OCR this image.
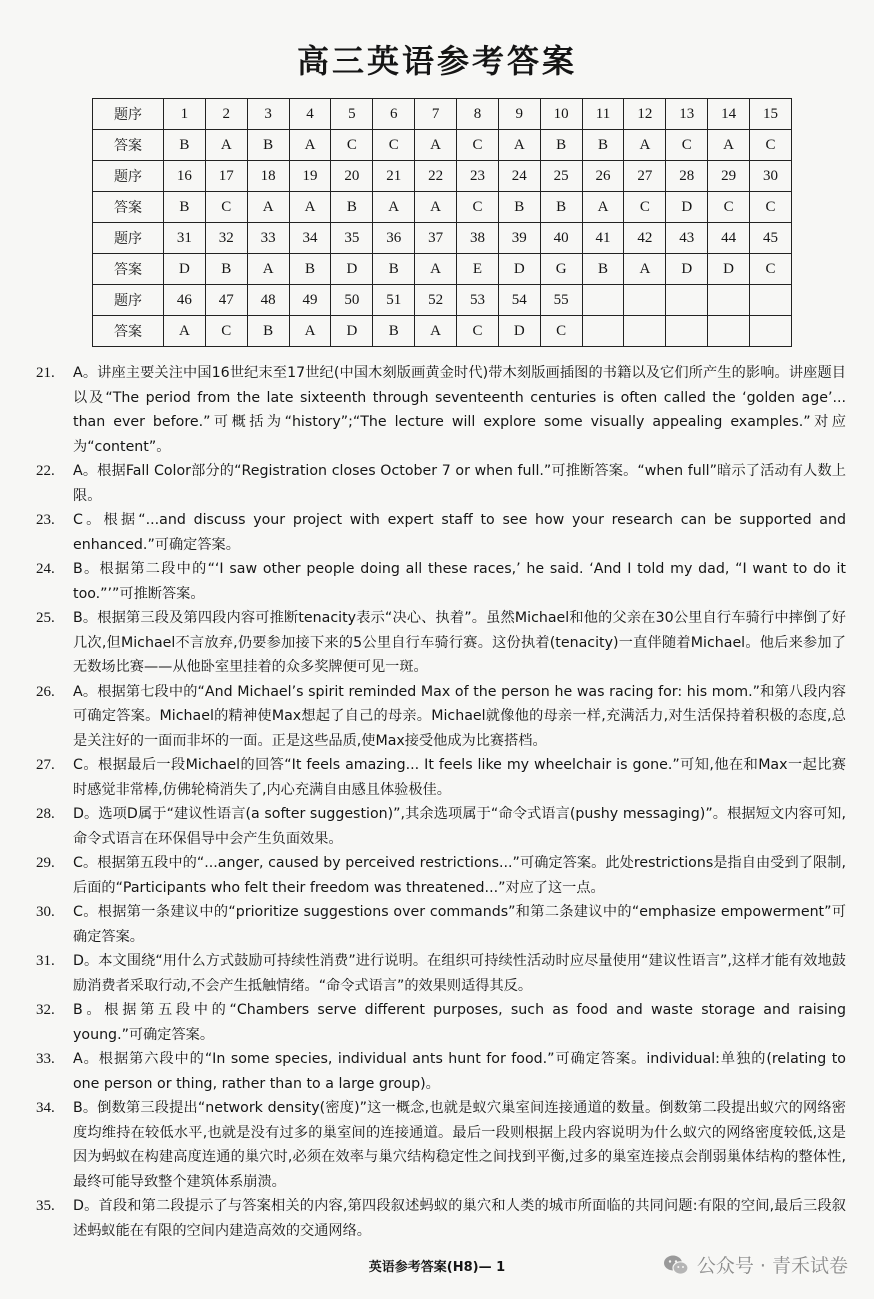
高三英语参考答案
题序	1	2	3	4	5	6	7	8	9	10	11	12	13	14	15
答案	B	A	B	A	C	C	A	C	A	B	B	A	C	A	C
题序	16	17	18	19	20	21	22	23	24	25	26	27	28	29	30
答案	B	C	A	A	B	A	A	C	B	B	A	C	D	C	C
题序	31	32	33	34	35	36	37	38	39	40	41	42	43	44	45
答案	D	B	A	B	D	B	A	E	D	G	B	A	D	D	C
题序	46	47	48	49	50	51	52	53	54	55					
答案	A	C	B	A	D	B	A	C	D	C					
21.	A。讲座主要关注中国16世纪末至17世纪(中国木刻版画黄金时代)带木刻版画插图的书籍以及它们所产生的影响。讲座题目以及“The period from the late sixteenth through seventeenth centuries is often called the ‘golden age’... than ever before.”可概括为“history”;“The lecture will explore some visually appealing examples.”对应为“content”。
22.	A。根据Fall Color部分的“Registration closes October 7 or when full.”可推断答案。“when full”暗示了活动有人数上限。
23.	C。根据“...and discuss your project with expert staff to see how your research can be supported and enhanced.”可确定答案。
24.	B。根据第二段中的“‘I saw other people doing all these races,’ he said. ‘And I told my dad, “I want to do it too.”’”可推断答案。
25.	B。根据第三段及第四段内容可推断tenacity表示“决心、执着”。虽然Michael和他的父亲在30公里自行车骑行中摔倒了好几次,但Michael不言放弃,仍要参加接下来的5公里自行车骑行赛。这份执着(tenacity)一直伴随着Michael。他后来参加了无数场比赛——从他卧室里挂着的众多奖牌便可见一斑。
26.	A。根据第七段中的“And Michael’s spirit reminded Max of the person he was racing for: his mom.”和第八段内容可确定答案。Michael的精神使Max想起了自己的母亲。Michael就像他的母亲一样,充满活力,对生活保持着积极的态度,总是关注好的一面而非坏的一面。正是这些品质,使Max接受他成为比赛搭档。
27.	C。根据最后一段Michael的回答“It feels amazing... It feels like my wheelchair is gone.”可知,他在和Max一起比赛时感觉非常棒,仿佛轮椅消失了,内心充满自由感且体验极佳。
28.	D。选项D属于“建议性语言(a softer suggestion)”,其余选项属于“命令式语言(pushy messaging)”。根据短文内容可知,命令式语言在环保倡导中会产生负面效果。
29.	C。根据第五段中的“...anger, caused by perceived restrictions...”可确定答案。此处restrictions是指自由受到了限制,后面的“Participants who felt their freedom was threatened...”对应了这一点。
30.	C。根据第一条建议中的“prioritize suggestions over commands”和第二条建议中的“emphasize empowerment”可确定答案。
31.	D。本文围绕“用什么方式鼓励可持续性消费”进行说明。在组织可持续性活动时应尽量使用“建议性语言”,这样才能有效地鼓励消费者采取行动,不会产生抵触情绪。“命令式语言”的效果则适得其反。
32.	B。根据第五段中的“Chambers serve different purposes, such as food and waste storage and raising young.”可确定答案。
33.	A。根据第六段中的“In some species, individual ants hunt for food.”可确定答案。individual:单独的(relating to one person or thing, rather than to a large group)。
34.	B。倒数第三段提出“network density(密度)”这一概念,也就是蚁穴巢室间连接通道的数量。倒数第二段提出蚁穴的网络密度均维持在较低水平,也就是没有过多的巢室间的连接通道。最后一段则根据上段内容说明为什么蚁穴的网络密度较低,这是因为蚂蚁在构建高度连通的巢穴时,必须在效率与巢穴结构稳定性之间找到平衡,过多的巢室连接点会削弱巢体结构的整体性,最终可能导致整个建筑体系崩溃。
35.	D。首段和第二段提示了与答案相关的内容,第四段叙述蚂蚁的巢穴和人类的城市所面临的共同问题:有限的空间,最后三段叙述蚂蚁能在有限的空间内建造高效的交通网络。
英语参考答案(H8)— 1	公众号 · 青禾试卷
